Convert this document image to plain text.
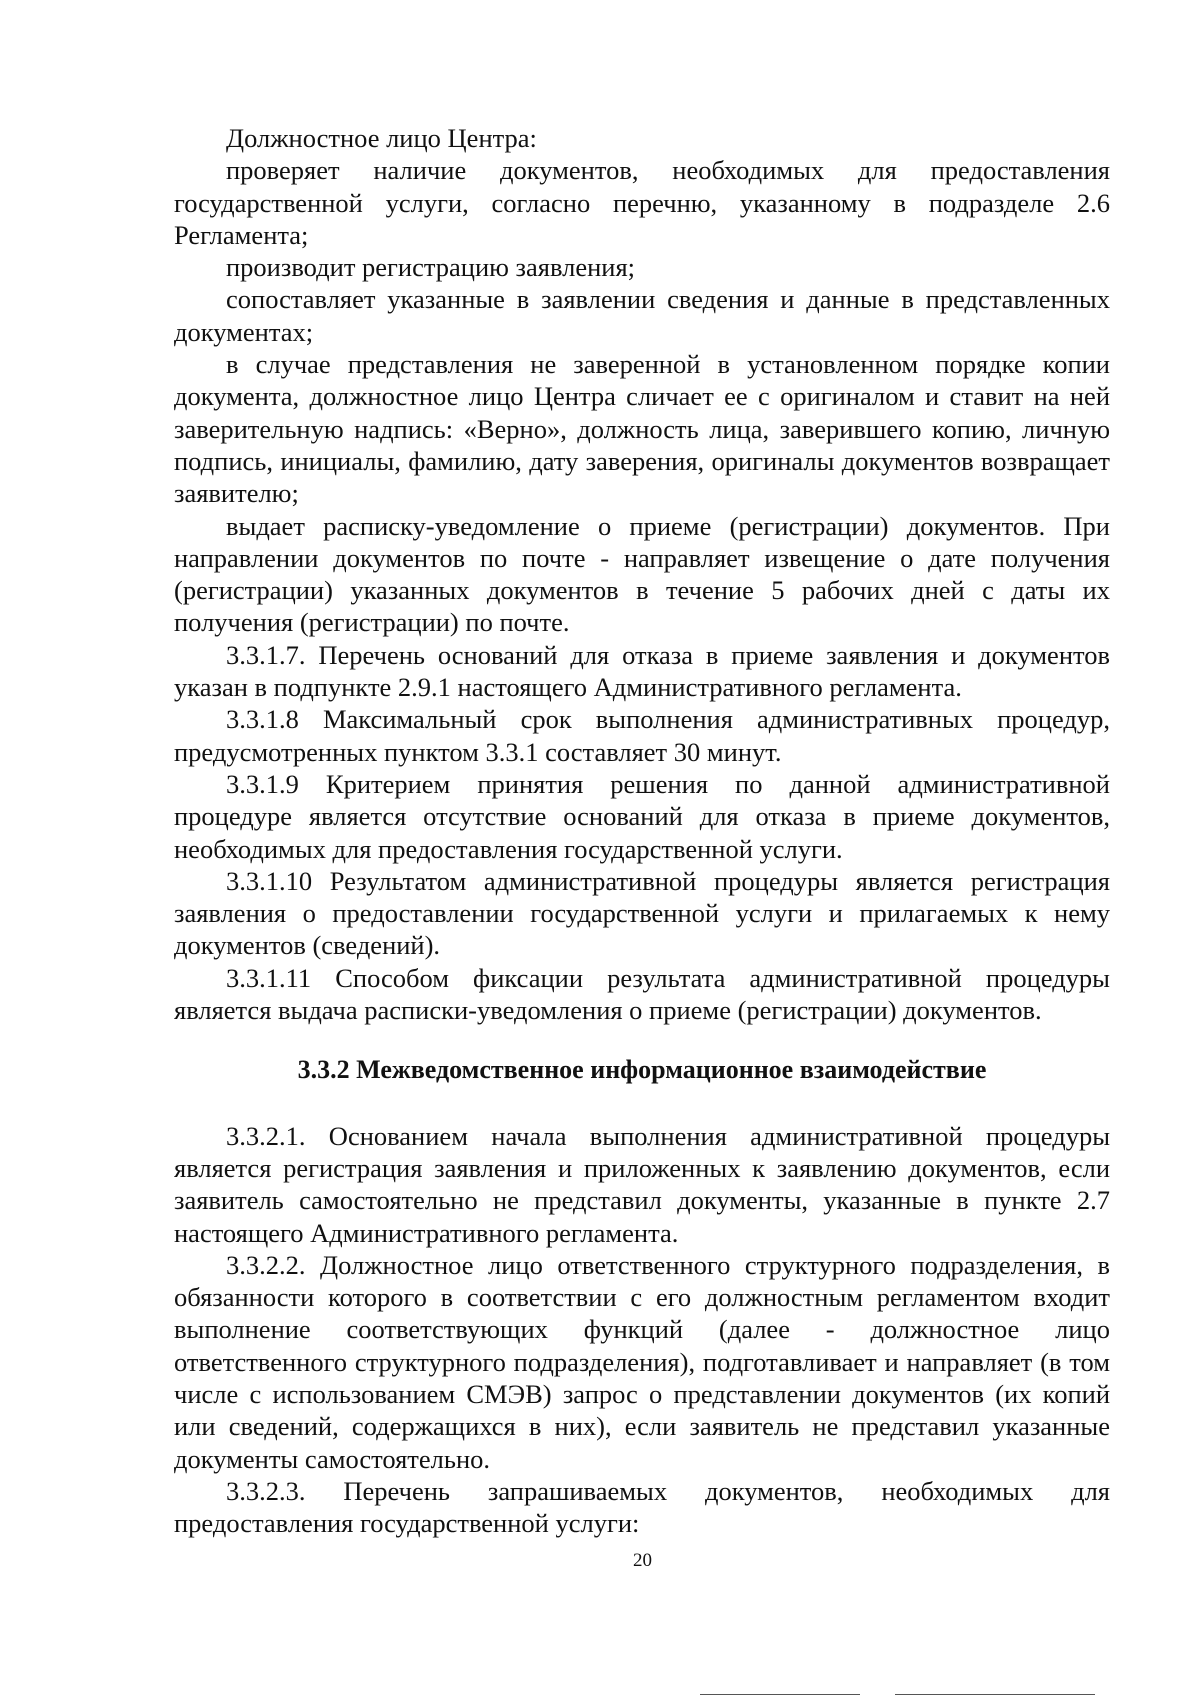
Должностное лицо Центра:

проверяет наличие документов, необходимых для предоставления государственной услуги, согласно перечню, указанному в подразделе 2.6 Регламента;

производит регистрацию заявления;

сопоставляет указанные в заявлении сведения и данные в представленных документах;

в случае представления не заверенной в установленном порядке копии документа, должностное лицо Центра сличает ее с оригиналом и ставит на ней заверительную надпись: «Верно», должность лица, заверившего копию, личную подпись, инициалы, фамилию, дату заверения, оригиналы документов возвращает заявителю;

выдает расписку-уведомление о приеме (регистрации) документов. При направлении документов по почте - направляет извещение о дате получения (регистрации) указанных документов в течение 5 рабочих дней с даты их получения (регистрации) по почте.

3.3.1.7. Перечень оснований для отказа в приеме заявления и документов указан в подпункте 2.9.1 настоящего Административного регламента.

3.3.1.8 Максимальный срок выполнения административных процедур, предусмотренных пунктом 3.3.1 составляет 30 минут.

3.3.1.9 Критерием принятия решения по данной административной процедуре является отсутствие оснований для отказа в приеме документов, необходимых для предоставления государственной услуги.

3.3.1.10 Результатом административной процедуры является регистрация заявления о предоставлении государственной услуги и прилагаемых к нему документов (сведений).

3.3.1.11 Способом фиксации результата административной процедуры является выдача расписки-уведомления о приеме (регистрации) документов.

3.3.2 Межведомственное информационное взаимодействие

3.3.2.1. Основанием начала выполнения административной процедуры является регистрация заявления и приложенных к заявлению документов, если заявитель самостоятельно не представил документы, указанные в пункте 2.7 настоящего Административного регламента.

3.3.2.2. Должностное лицо ответственного структурного подразделения, в обязанности которого в соответствии с его должностным регламентом входит выполнение соответствующих функций (далее - должностное лицо ответственного структурного подразделения), подготавливает и направляет (в том числе с использованием СМЭВ) запрос о представлении документов (их копий или сведений, содержащихся в них), если заявитель не представил указанные документы самостоятельно.

3.3.2.3. Перечень запрашиваемых документов, необходимых для предоставления государственной услуги:

20
